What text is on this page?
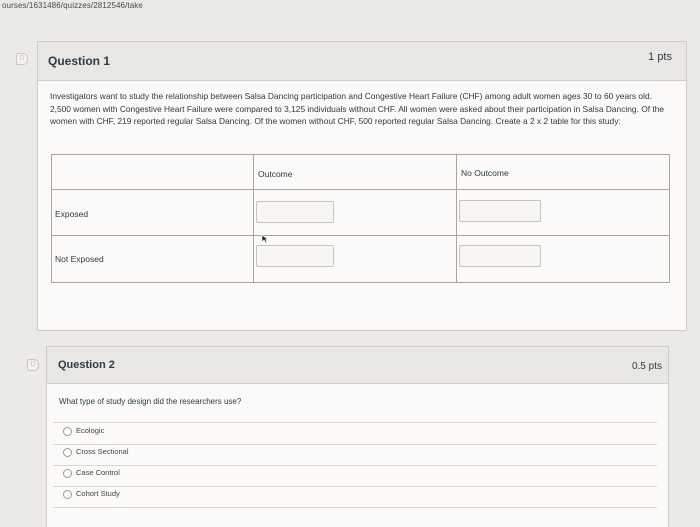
ourses/1631486/quizzes/2812546/take
D Question 1	1 pts
Investigators want to study the relationship between Salsa Dancing participation and Congestive Heart Failure (CHF) among adult women ages 30 to 60 years old. 2,500 women with Congestive Heart Failure were compared to 3,125 individuals without CHF. All women were asked about their participation in Salsa Dancing. Of the women with CHF, 219 reported regular Salsa Dancing. Of the women without CHF, 500 reported regular Salsa Dancing. Create a 2 x 2 table for this study:

	Outcome	No Outcome

Exposed

Not Exposed

D	Question 2	0.5 pts
What type of study design did the researchers use?
Ecologic
Cross Sectional
Case Control
Cohort Study
